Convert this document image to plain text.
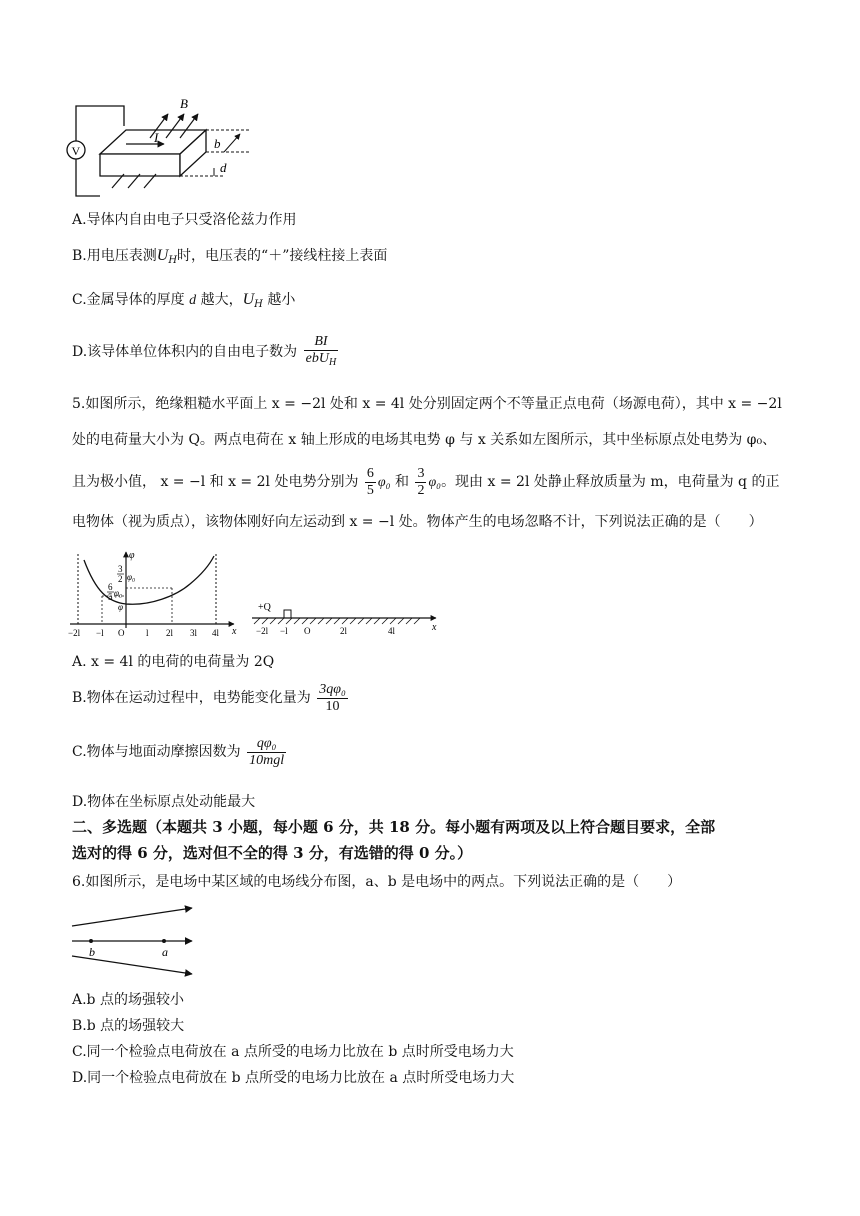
V
I
B
b
d
A.导体内自由电子只受洛伦兹力作用
B.用电压表测$U_H$时，电压表的“＋”接线柱接上表面
C.金属导体的厚度 d 越大，$U_H$ 越小
D.该导体单位体积内的自由电子数为 $\frac{BI}{ebU_H}$
5.如图所示，绝缘粗糙水平面上 x = −2l 处和 x = 4l 处分别固定两个不等量正点电荷（场源电荷），其中 x = −2l
处的电荷量大小为 Q。两点电荷在 x 轴上形成的电场其电势 φ 与 x 关系如左图所示，其中坐标原点处电势为 φ₀、
且为极小值， x = −l 和 x = 2l 处电势分别为 $\frac{6}{5} \varphi_0$ 和 $\frac{3}{2} \varphi_0$。现由 x = 2l 处静止释放质量为 m，电荷量为 q 的正
电物体（视为质点），该物体刚好向左运动到 x = −l 处。物体产生的电场忽略不计，下列说法正确的是（　　）
φ
x
3
2 φ₀
6
5 φ₀
φ
−2l −l O l 2l 3l 4l
+Q
x
−2l −l O	2l	4l
A. x = 4l 的电荷的电荷量为 2Q
B.物体在运动过程中，电势能变化量为 $\frac{\text{3qφ₀}}{10}$
C.物体与地面动摩擦因数为 $\frac{\text{qφ₀}}{\text{10mgl}}$
D.物体在坐标原点处动能最大
二、多选题（本题共 3 小题，每小题 6 分，共 18 分。每小题有两项及以上符合题目要求，全部
选对的得 6 分，选对但不全的得 3 分，有选错的得 0 分。）
6.如图所示，是电场中某区域的电场线分布图，a、b 是电场中的两点。下列说法正确的是（　　）
b	a
A.b 点的场强较小
B.b 点的场强较大
C.同一个检验点电荷放在 a 点所受的电场力比放在 b 点时所受电场力大
D.同一个检验点电荷放在 b 点所受的电场力比放在 a 点时所受电场力大
